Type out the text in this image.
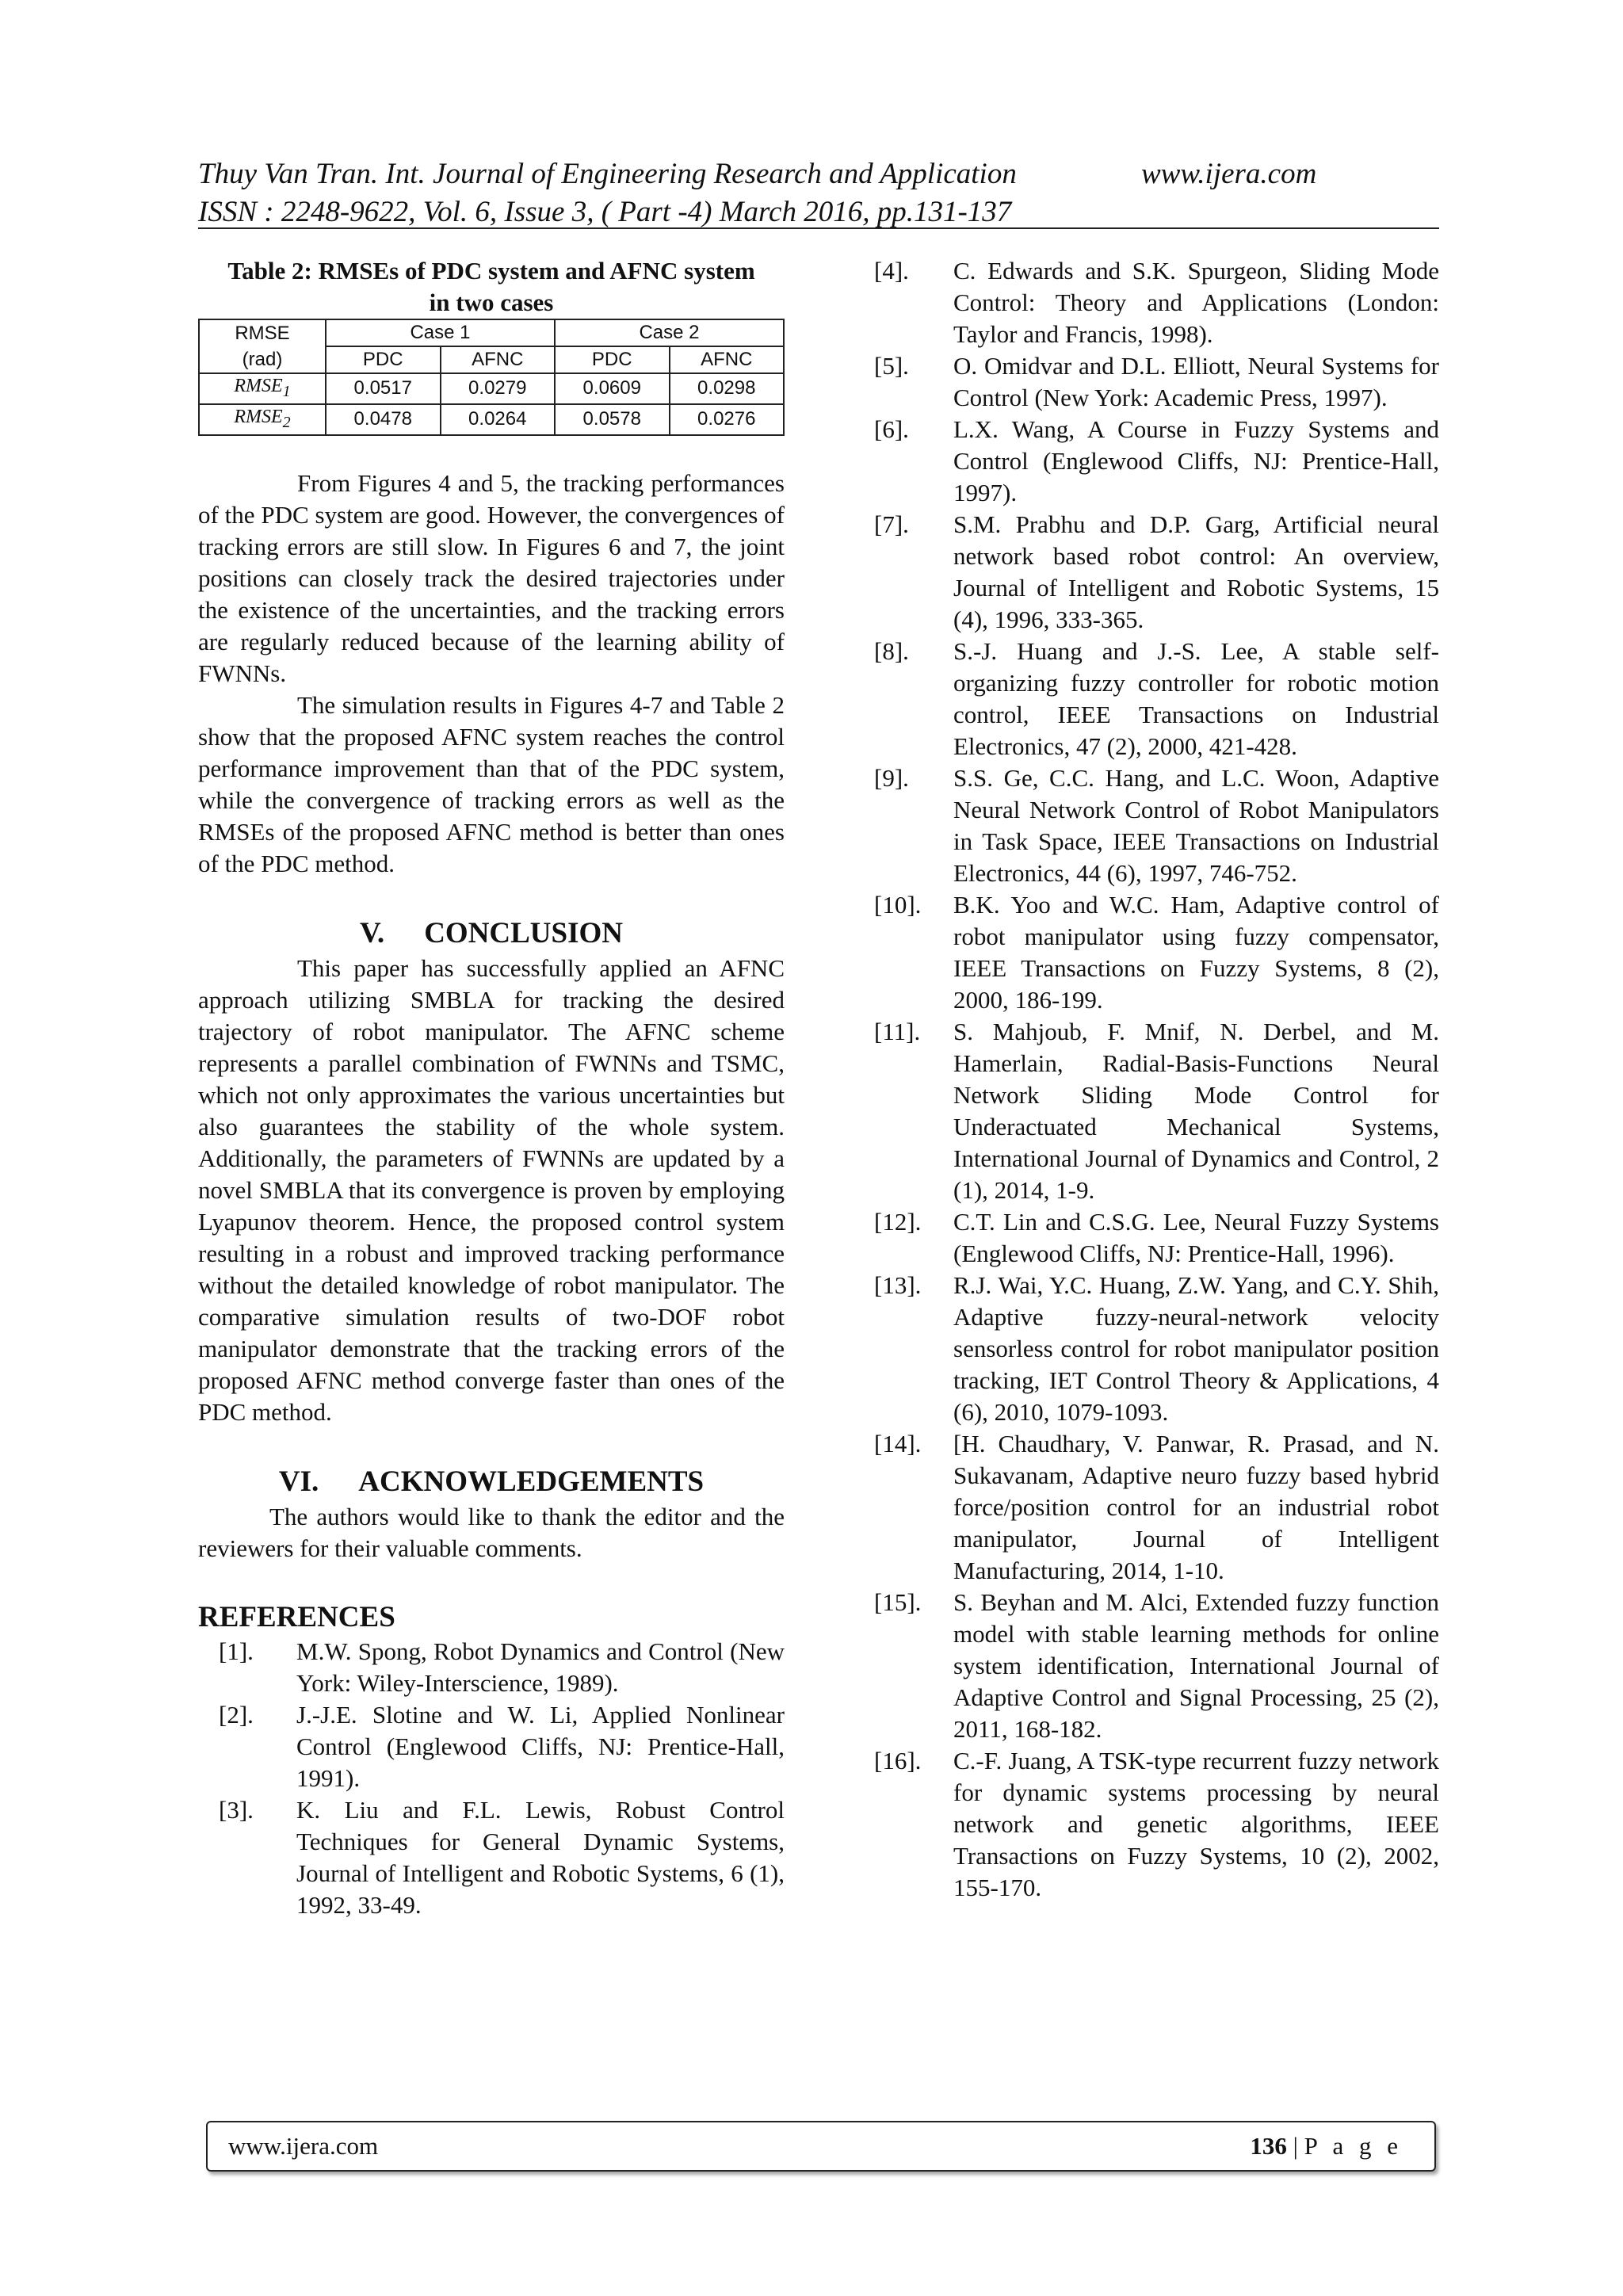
Thuy Van Tran. Int. Journal of Engineering Research and Application	www.ijera.com
ISSN : 2248-9622, Vol. 6, Issue 3, ( Part -4) March 2016, pp.131-137
Table 2: RMSEs of PDC system and AFNC system in two cases
RMSE	Case 1		Case 2	
(rad)	PDC	AFNC	PDC	AFNC
$RMSE_1$	0.0517	0.0279	0.0609	0.0298
$RMSE_2$	0.0478	0.0264	0.0578	0.0276

From Figures 4 and 5, the tracking performances of the PDC system are good. However, the convergences of tracking errors are still slow. In Figures 6 and 7, the joint positions can closely track the desired trajectories under the existence of the uncertainties, and the tracking errors are regularly reduced because of the learning ability of FWNNs.

The simulation results in Figures 4-7 and Table 2 show that the proposed AFNC system reaches the control performance improvement than that of the PDC system, while the convergence of tracking errors as well as the RMSEs of the proposed AFNC method is better than ones of the PDC method.

V. CONCLUSION

This paper has successfully applied an AFNC approach utilizing SMBLA for tracking the desired trajectory of robot manipulator. The AFNC scheme represents a parallel combination of FWNNs and TSMC, which not only approximates the various uncertainties but also guarantees the stability of the whole system. Additionally, the parameters of FWNNs are updated by a novel SMBLA that its convergence is proven by employing Lyapunov theorem. Hence, the proposed control system resulting in a robust and improved tracking performance without the detailed knowledge of robot manipulator. The comparative simulation results of two-DOF robot manipulator demonstrate that the tracking errors of the proposed AFNC method converge faster than ones of the PDC method.

VI. ACKNOWLEDGEMENTS

The authors would like to thank the editor and the reviewers for their valuable comments.

REFERENCES
[1].	M.W. Spong, Robot Dynamics and Control (New York: Wiley-Interscience, 1989).
[2].	J.-J.E. Slotine and W. Li, Applied Nonlinear Control (Englewood Cliffs, NJ: Prentice-Hall, 1991).
[3].	K. Liu and F.L. Lewis, Robust Control Techniques for General Dynamic Systems, Journal of Intelligent and Robotic Systems, 6 (1), 1992, 33-49.
[4].	C. Edwards and S.K. Spurgeon, Sliding Mode Control: Theory and Applications (London: Taylor and Francis, 1998).
[5].	O. Omidvar and D.L. Elliott, Neural Systems for Control (New York: Academic Press, 1997).
[6].	L.X. Wang, A Course in Fuzzy Systems and Control (Englewood Cliffs, NJ: Prentice-Hall, 1997).
[7].	S.M. Prabhu and D.P. Garg, Artificial neural network based robot control: An overview, Journal of Intelligent and Robotic Systems, 15 (4), 1996, 333-365.
[8].	S.-J. Huang and J.-S. Lee, A stable self-organizing fuzzy controller for robotic motion control, IEEE Transactions on Industrial Electronics, 47 (2), 2000, 421-428.
[9].	S.S. Ge, C.C. Hang, and L.C. Woon, Adaptive Neural Network Control of Robot Manipulators in Task Space, IEEE Transactions on Industrial Electronics, 44 (6), 1997, 746-752.
[10].	B.K. Yoo and W.C. Ham, Adaptive control of robot manipulator using fuzzy compensator, IEEE Transactions on Fuzzy Systems, 8 (2), 2000, 186-199.
[11].	S. Mahjoub, F. Mnif, N. Derbel, and M. Hamerlain, Radial-Basis-Functions Neural Network Sliding Mode Control for Underactuated Mechanical Systems, International Journal of Dynamics and Control, 2 (1), 2014, 1-9.
[12].	C.T. Lin and C.S.G. Lee, Neural Fuzzy Systems (Englewood Cliffs, NJ: Prentice-Hall, 1996).
[13].	R.J. Wai, Y.C. Huang, Z.W. Yang, and C.Y. Shih, Adaptive fuzzy-neural-network velocity sensorless control for robot manipulator position tracking, IET Control Theory & Applications, 4 (6), 2010, 1079-1093.
[14].	[H. Chaudhary, V. Panwar, R. Prasad, and N. Sukavanam, Adaptive neuro fuzzy based hybrid force/position control for an industrial robot manipulator, Journal of Intelligent Manufacturing, 2014, 1-10.
[15].	S. Beyhan and M. Alci, Extended fuzzy function model with stable learning methods for online system identification, International Journal of Adaptive Control and Signal Processing, 25 (2), 2011, 168-182.
[16].	C.-F. Juang, A TSK-type recurrent fuzzy network for dynamic systems processing by neural network and genetic algorithms, IEEE Transactions on Fuzzy Systems, 10 (2), 2002, 155-170.
www.ijera.com	136 | P a g e
